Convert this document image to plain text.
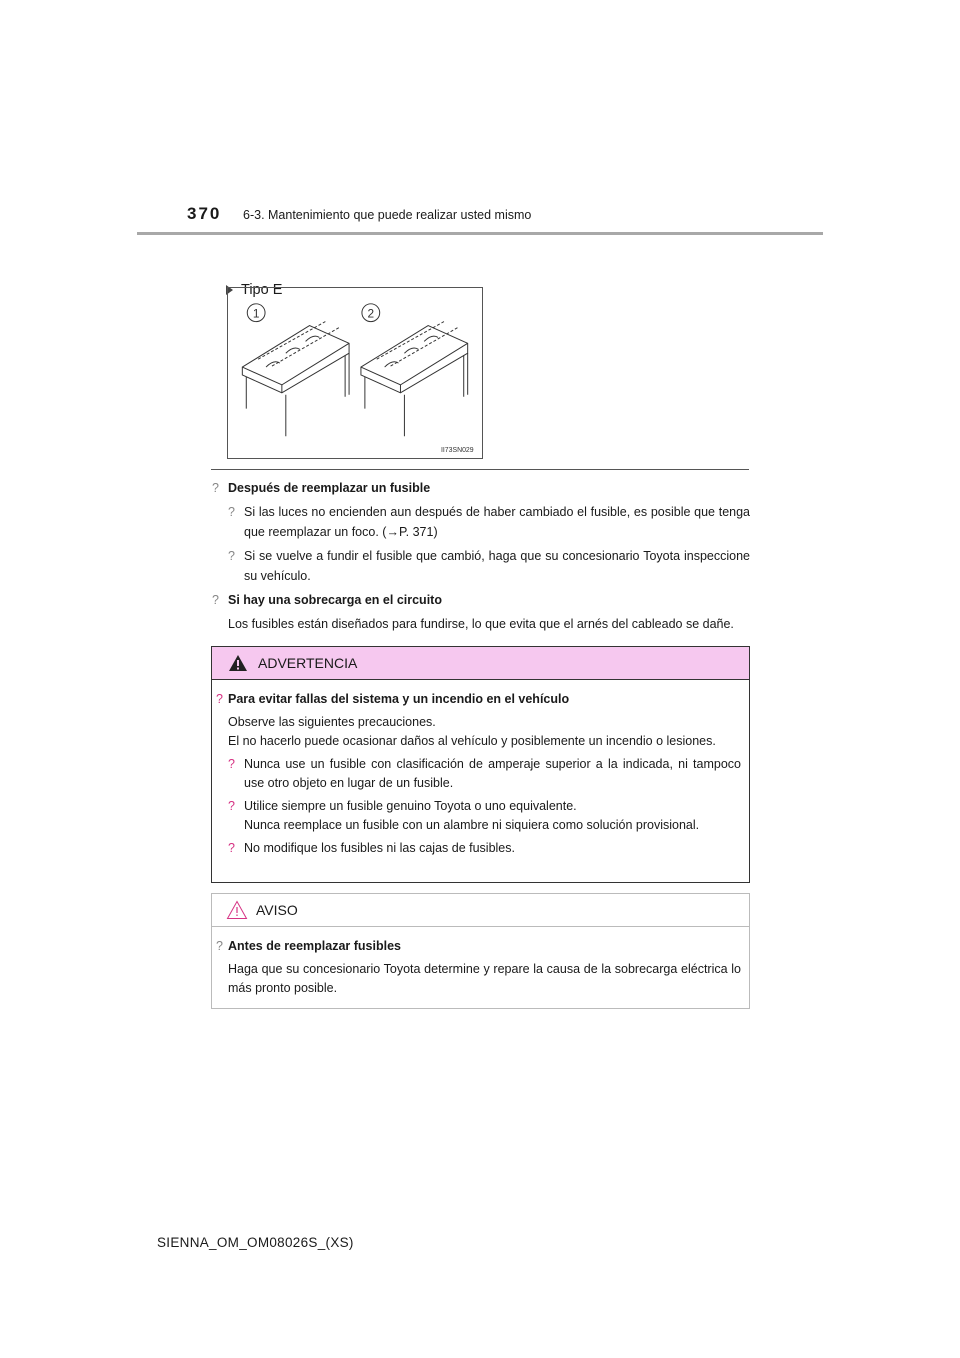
370 6-3. Mantenimiento que puede realizar usted mismo
Tipo E
1	2
II73SN029
? Después de reemplazar un fusible
? Si las luces no encienden aun después de haber cambiado el fusible, es posible que tenga que reemplazar un foco. (→P. 371)
? Si se vuelve a fundir el fusible que cambió, haga que su concesionario Toyota inspeccione su vehículo.
? Si hay una sobrecarga en el circuito
Los fusibles están diseñados para fundirse, lo que evita que el arnés del cableado se dañe.
ADVERTENCIA
? Para evitar fallas del sistema y un incendio en el vehículo
Observe las siguientes precauciones.
El no hacerlo puede ocasionar daños al vehículo y posiblemente un incendio o lesiones.
? Nunca use un fusible con clasificación de amperaje superior a la indicada, ni tampoco use otro objeto en lugar de un fusible.
? Utilice siempre un fusible genuino Toyota o uno equivalente.
Nunca reemplace un fusible con un alambre ni siquiera como solución provisional.
? No modifique los fusibles ni las cajas de fusibles.
AVISO
? Antes de reemplazar fusibles
Haga que su concesionario Toyota determine y repare la causa de la sobrecarga eléctrica lo más pronto posible.
SIENNA_OM_OM08026S_(XS)
